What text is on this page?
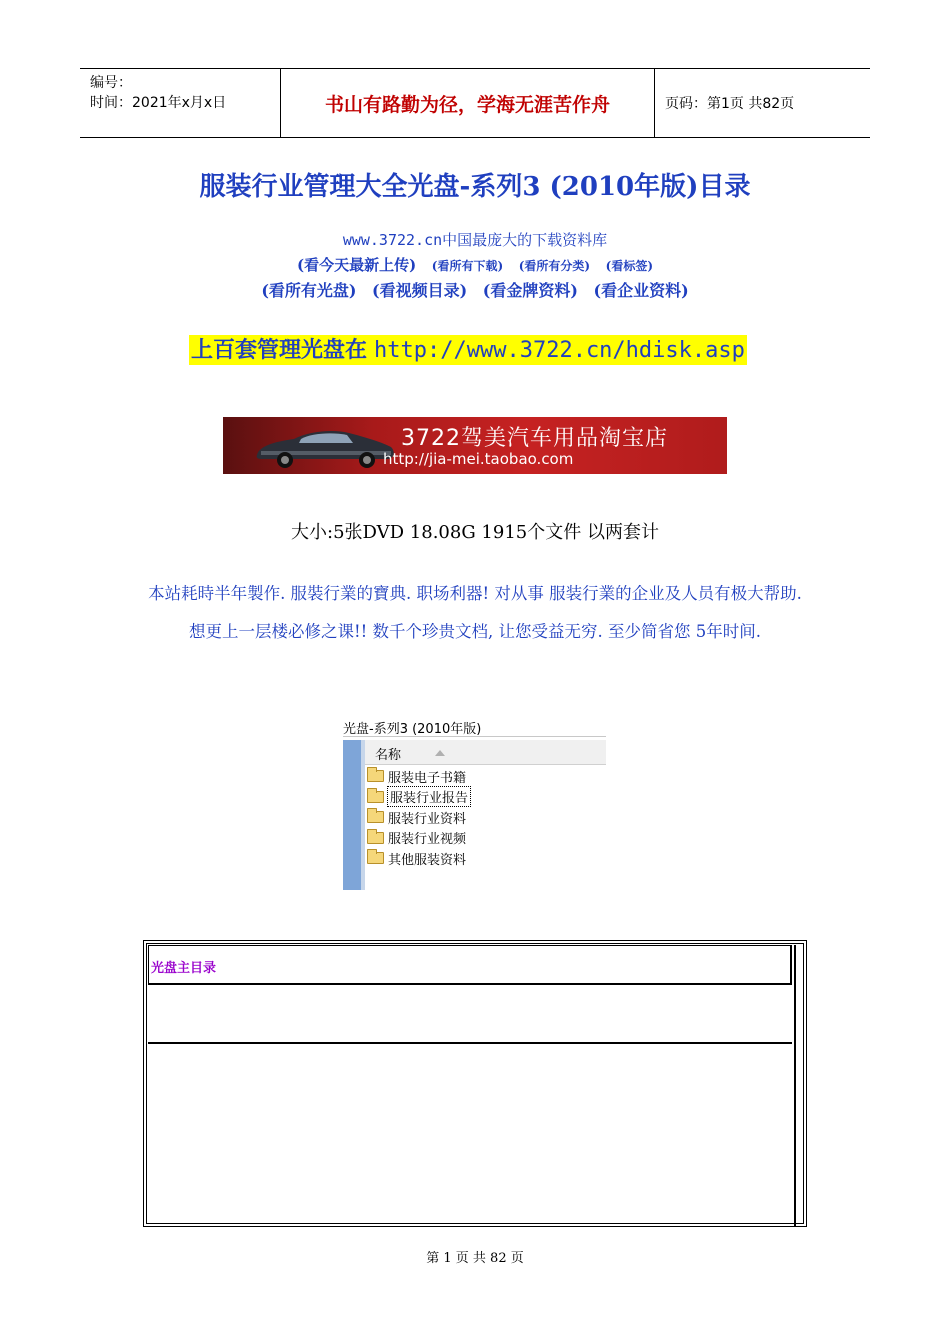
编号：
时间：2021年x月x日	书山有路勤为径，学海无涯苦作舟	页码：第1页 共82页
服装行业管理大全光盘-系列3 (2010年版)目录
www.3722.cn中国最庞大的下载资料库
(看今天最新上传) (看所有下载) (看所有分类) (看标签)
(看所有光盘) (看视频目录) (看金牌资料) (看企业资料)
上百套管理光盘在 http://www.3722.cn/hdisk.asp
3722驾美汽车用品淘宝店
http://jia-mei.taobao.com
大小:5张DVD 18.08G 1915个文件 以两套计
本站耗時半年製作. 服裝行業的寶典. 职场利器! 对从事 服装行業的企业及人员有极大帮助. 想更上一层楼必修之课!! 数千个珍贵文档, 让您受益无穷. 至少简省您 5年时间.
光盘-系列3 (2010年版)
名称
服装电子书籍
服装行业报告
服装行业资料
服装行业视频
其他服装资料
光盘主目录
第 1 页 共 82 页
